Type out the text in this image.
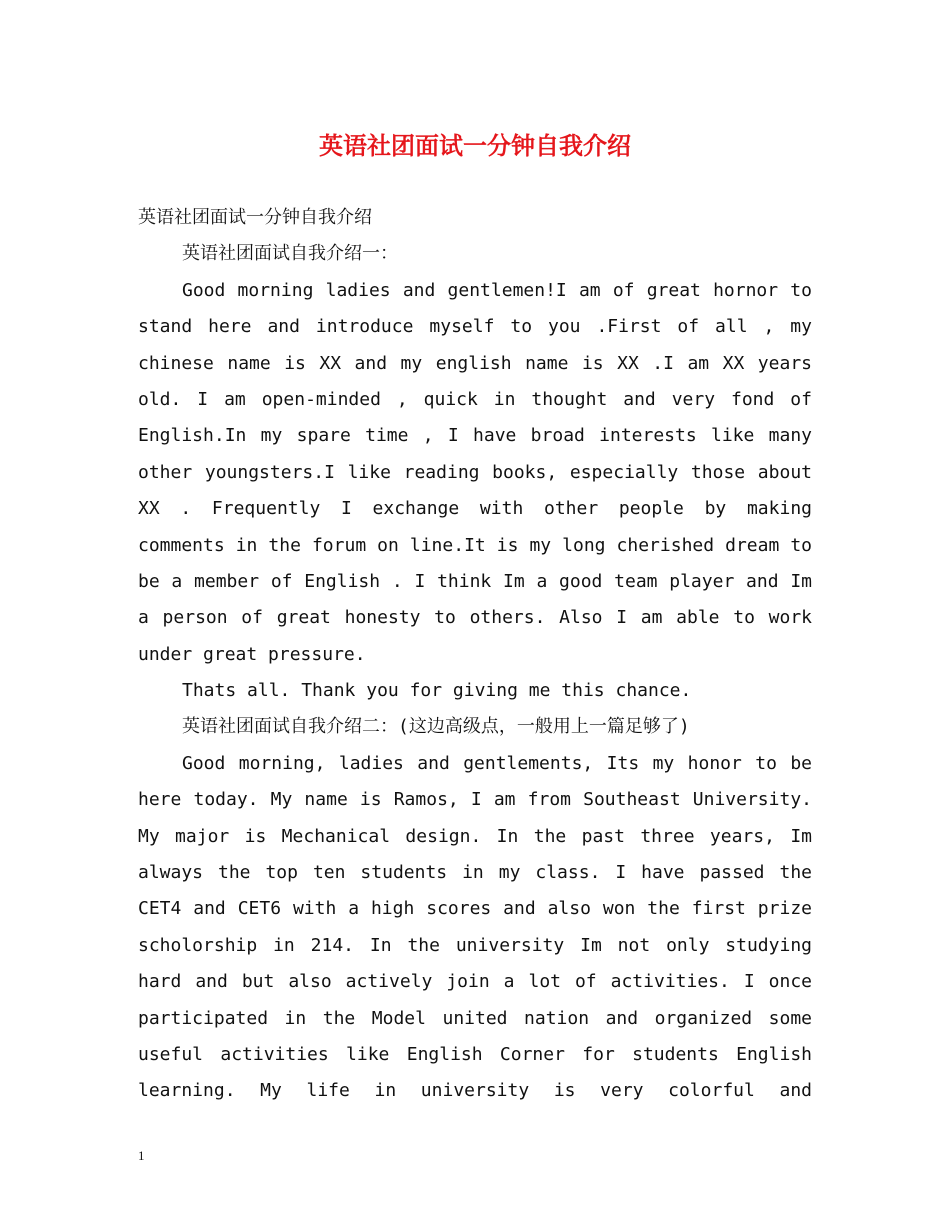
英语社团面试一分钟自我介绍

英语社团面试一分钟自我介绍

英语社团面试自我介绍一：

Good morning ladies and gentlemen!I am of great hornor to
stand here and introduce myself to you .First of all , my
chinese name is XX and my english name is XX .I am XX years
old. I am open-minded , quick in thought and very fond of
English.In my spare time , I have broad interests like many
other youngsters.I like reading books, especially those about
XX . Frequently I exchange with other people by making
comments in the forum on line.It is my long cherished dream to
be a member of English . I think Im a good team player and Im
a person of great honesty to others. Also I am able to work
under great pressure.

Thats all. Thank you for giving me this chance.

英语社团面试自我介绍二：(这边高级点，一般用上一篇足够了)

Good morning, ladies and gentlements, Its my honor to be
here today. My name is Ramos, I am from Southeast University.
My major is Mechanical design. In the past three years, Im
always the top ten students in my class. I have passed the
CET4 and CET6 with a high scores and also won the first prize
scholorship in 214. In the university Im not only studying
hard and but also actively join a lot of activities. I once
participated in the Model united nation and organized some
useful activities like English Corner for students English
learning. My life in university is very colorful and
1
